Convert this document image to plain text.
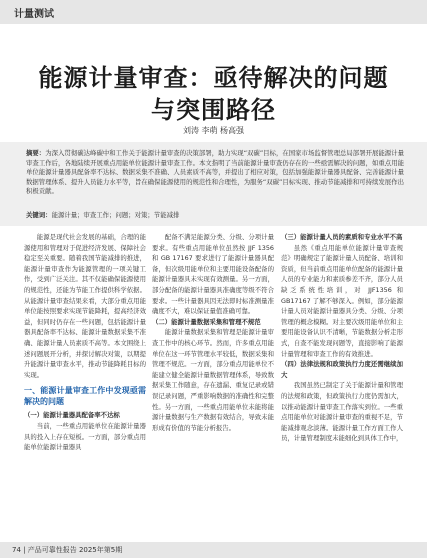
计量测试
能源计量审查：亟待解决的问题
与突围路径
刘涛 李萌 杨高强
摘要：为深入贯彻碳达峰碳中和工作关于能源计量审查的决策部署，助力实现“双碳”目标，在国家市场监督管理总局部署开展能源计量审查工作后，各地陆续开展重点用能单位能源计量审查工作。本文指明了当前能源计量审查仍存在的一些亟需解决的问题，如重点用能单位能源计量器具配备率不达标、数据采集不准确、人员素质不高等，并提出了相应对策，包括加强能源计量器具配备、完善能源计量数据管理体系、提升人员能力水平等，旨在确保能源使用的规范性和合理性，为服务“双碳”目标实现、推动节能减排和可持续发展作出积极贡献。
关键词：能源计量；审查工作；问题；对策；节能减排

能源是现代社会发展的基础，合理的能源使用和管理对于促进经济发展、保障社会稳定至关重要。随着我国节能减排的推进，能源计量审查作为能源管理的一项关键工作，受到广泛关注。其不仅能确保能源使用的规范性，还能为节能工作提供科学依据。从能源计量审查结果来看，大部分重点用能单位能按照要求实现节能降耗，提高经济效益，但同时仍存在一些问题，包括能源计量器具配备率不达标、能源计量数据采集不准确、能源计量人员素质不高等。本文围绕上述问题展开分析，并探讨解决对策，以期提升能源计量审查水平，推动节能降耗目标的实现。

一、能源计量审查工作中发现亟需解决的问题

（一）能源计量器具配备率不达标

当前，一些重点用能单位在能源计量器具的投入上存在短板。一方面，部分重点用能单位能源计量器具

配备不满足能源分类、分级、分项计量要求。有些重点用能单位虽然按 JJF 1356 和 GB 17167 要求进行了能源计量器具配备，但次级用能单位和主要用能设备配备的能源计量器具未实现有效测量。另一方面，部分配备的能源计量器具准确度等级不符合要求。一些计量器具因无法即时标准测量准确度不大，难以保证量值准确可靠。

（二）能源计量数据采集和管理不规范

能源计量数据采集和管理是能源计量审查工作中的核心环节。然而，许多重点用能单位在这一环节管理水平较低，数据采集和管理不规范。一方面，部分重点用能单位不能建立健全能源计量数据管理体系，导致数据采集工作随意，存在遗漏、重复记录或错误记录问题，严重影响数据的准确性和完整性。另一方面，一些重点用能单位未能将能源计量数据与生产数据有效结合，导致未能形成有价值的节能分析报告。

（三）能源计量人员的素质和专业水平不高

虽然《重点用能单位能源计量审查规范》明确规定了能源计量人员配备、培训和资质，但当前重点用能单位配备的能源计量人员的专业能力和素质参差不齐，部分人员缺乏系统性培训，对 JJF1356 和 GB17167 了解不够深入。例如，部分能源计量人员对能源计量器具分类、分级、分项管理的概念模糊。对主要次级用能单位和主要用能设备认识不清晰，节能数据分析走形式，自查不能发现问题等，直接影响了能源计量管理和审查工作的有效推进。

（四）法律法规和政策执行力度还需继续加大

我国虽然已制定了关于能源计量和管理的法规和政策，但政策执行力度仍需加大，以推动能源计量审查工作落实到位。一些重点用能单位对能源计量审查的重视不足，节能减排观念淡薄。能源计量工作方面工作人员，计量管理制度未能细化到具体工作中，

74 | 产品可靠性报告 2025年第5期
